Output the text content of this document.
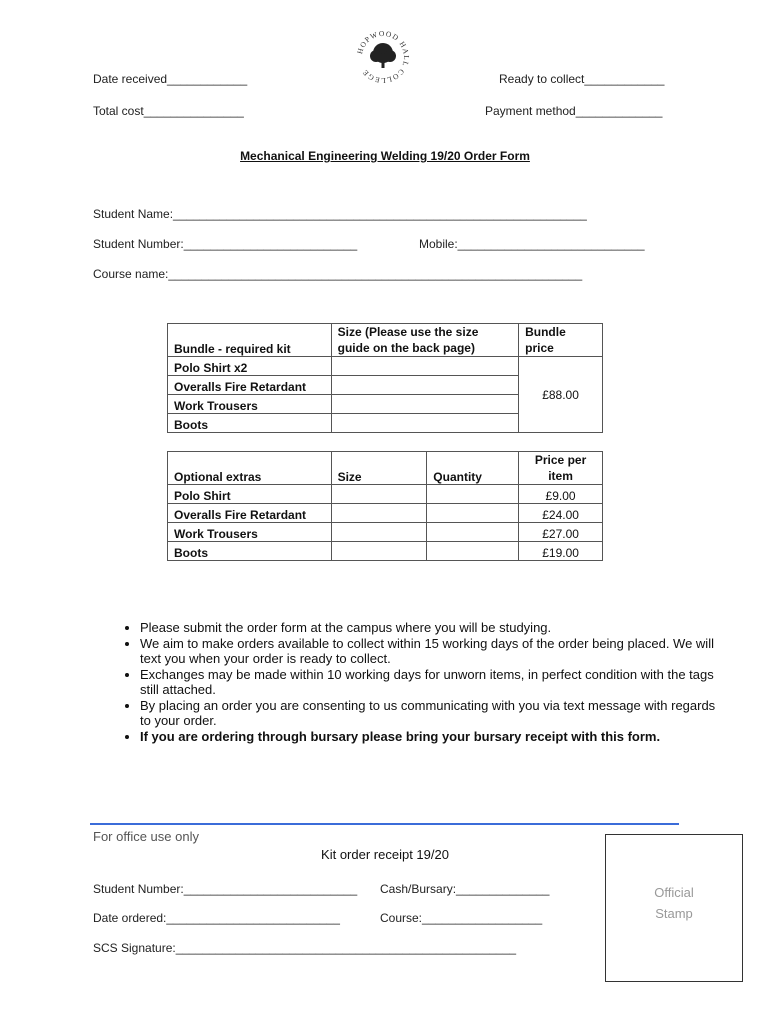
HOPWOOD HALL COLLEGE
Date received____________	Ready to collect____________
Total cost_______________	Payment method_____________
Mechanical Engineering Welding 19/20 Order Form
Student Name:______________________________________________________________
Student Number:__________________________	Mobile:____________________________
Course name:______________________________________________________________
Bundle - required kit	Size (Please use the size guide on the back page)	Bundle price
Polo Shirt x2		£88.00
Overalls Fire Retardant		
Work Trousers		
Boots		
Optional extras	Size	Quantity	Price per item
Polo Shirt			£9.00
Overalls Fire Retardant			£24.00
Work Trousers			£27.00
Boots			£19.00
• Please submit the order form at the campus where you will be studying.
• We aim to make orders available to collect within 15 working days of the order being placed. We will text you when your order is ready to collect.
• Exchanges may be made within 10 working days for unworn items, in perfect condition with the tags still attached.
• By placing an order you are consenting to us communicating with you via text message with regards to your order.
• If you are ordering through bursary please bring your bursary receipt with this form.
For office use only
Kit order receipt 19/20
Student Number:__________________________ Cash/Bursary:______________
Date ordered:__________________________	Course:__________________
SCS Signature:___________________________________________________
Official
Stamp
